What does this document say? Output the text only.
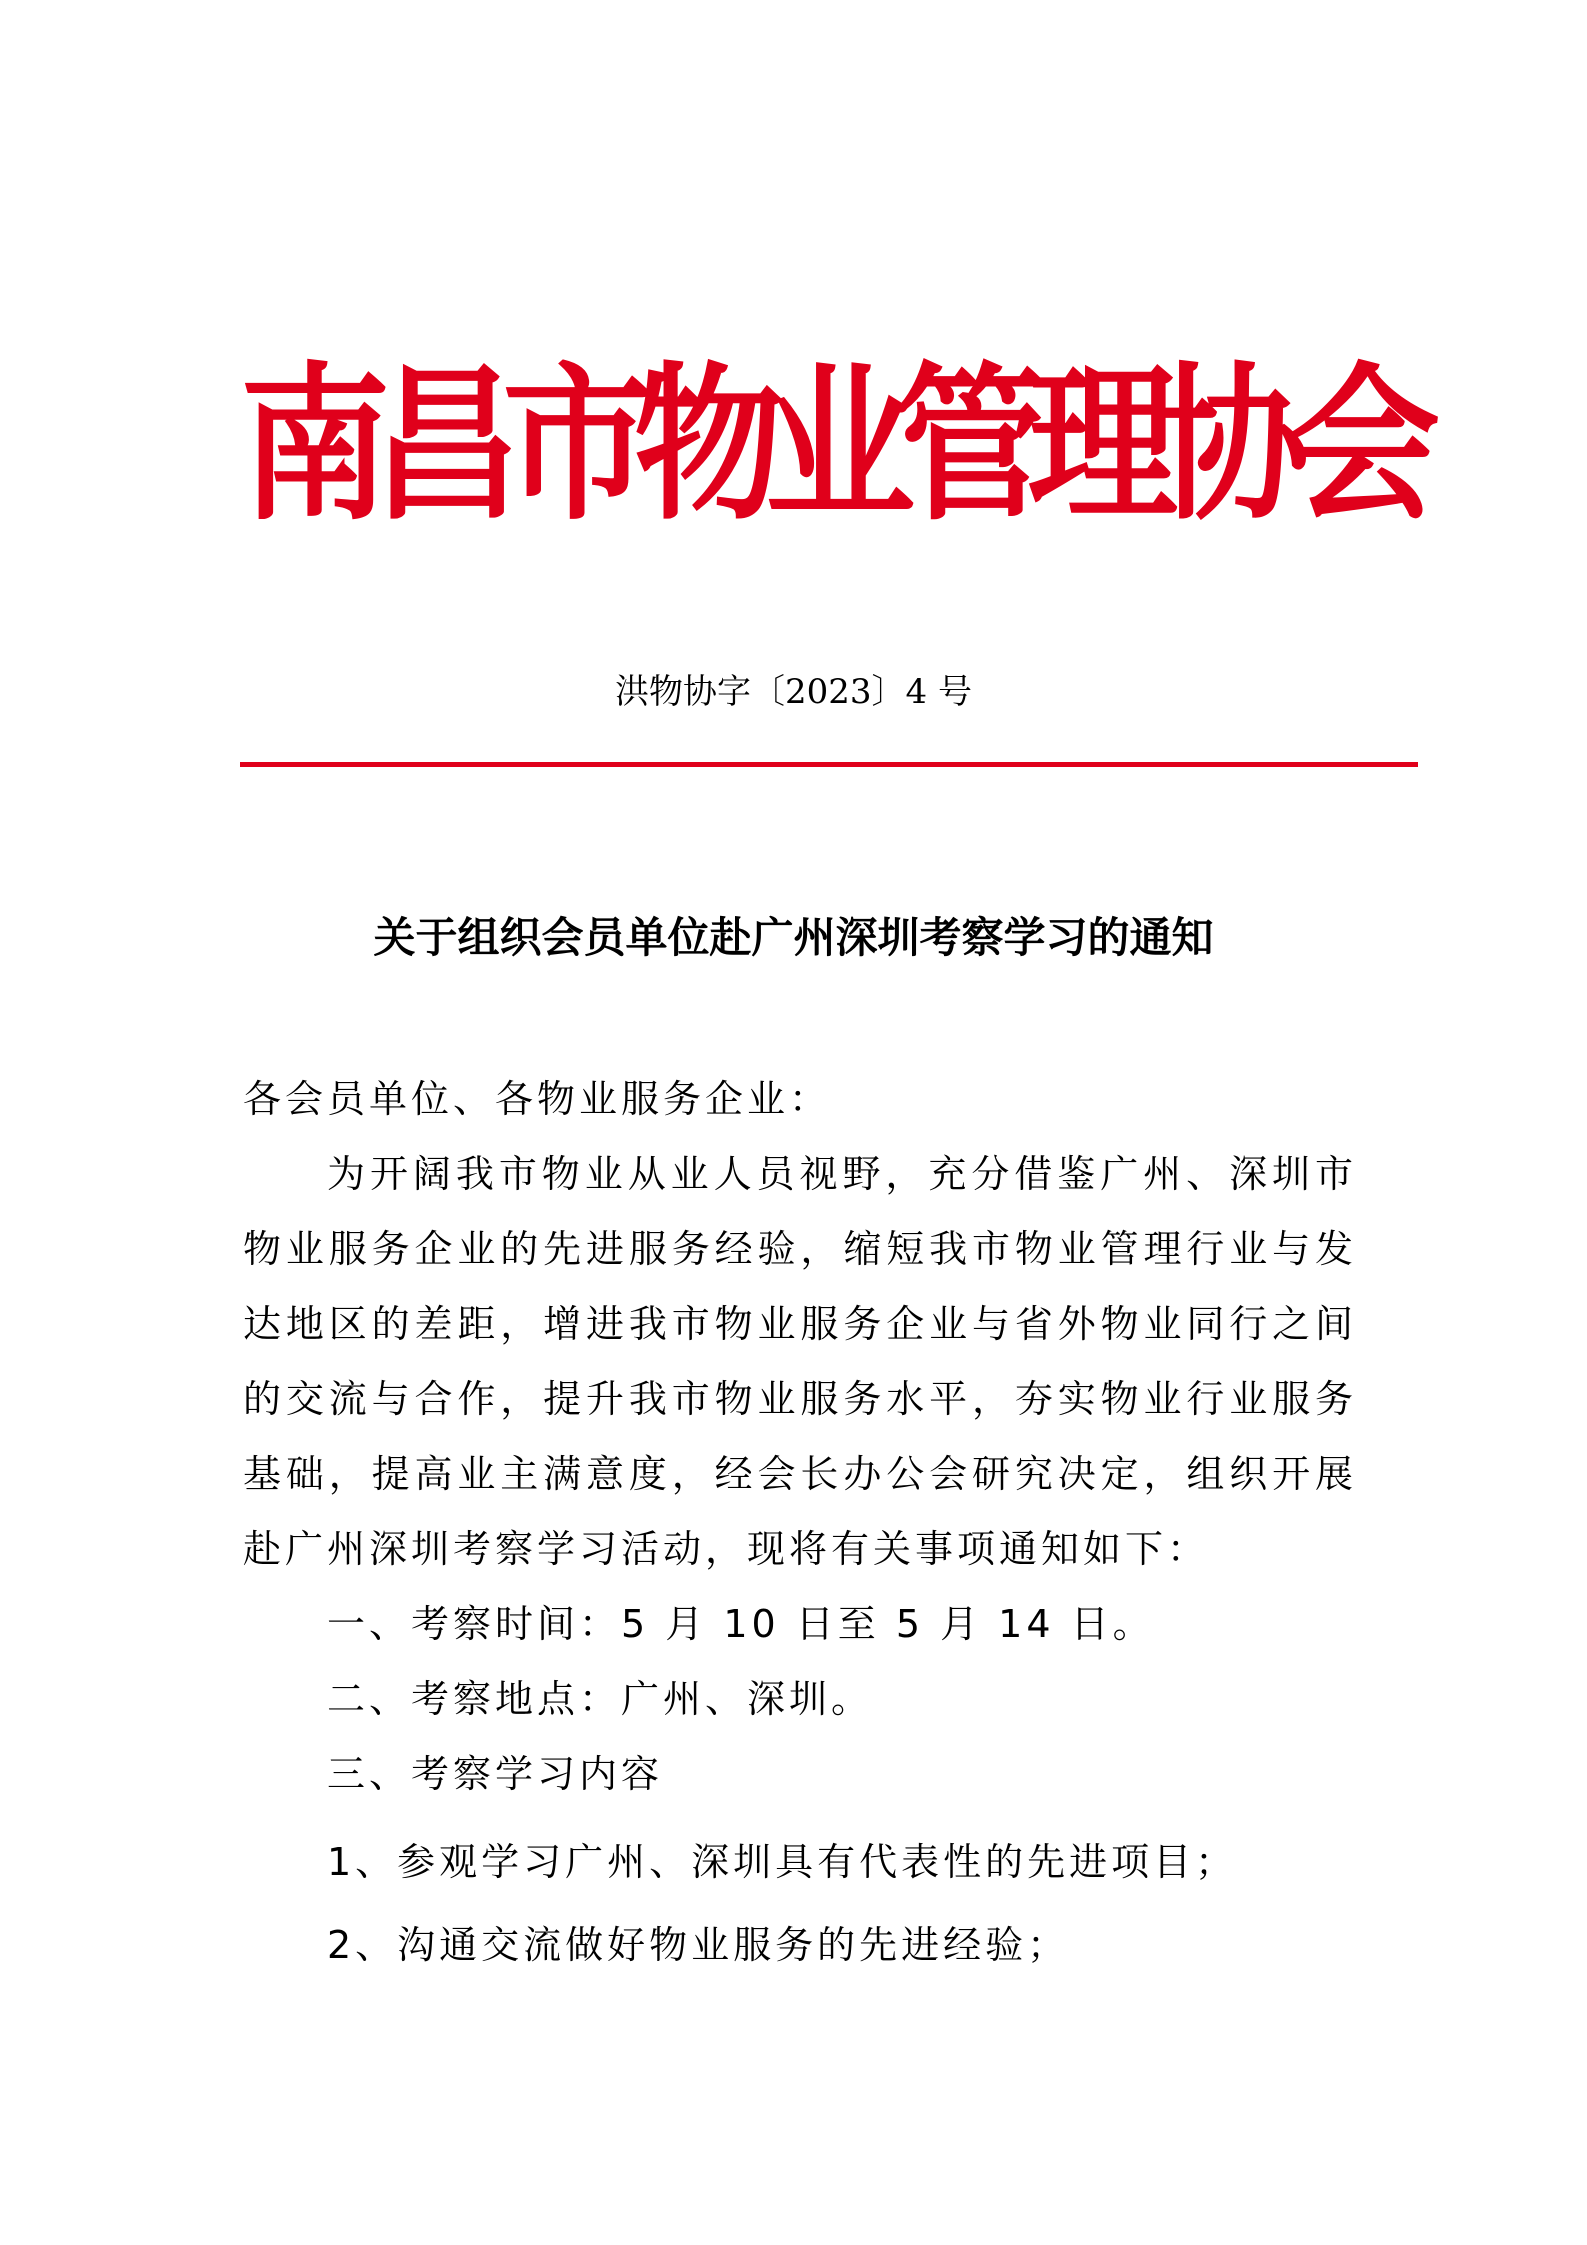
南
昌
市
物
业
管
理
协
会
洪物协字〔2023〕4 号
关于组织会员单位赴广州深圳考察学习的通知

各会员单位、各物业服务企业：

为开阔我市物业从业人员视野，充分借鉴广州、深圳市物业服务企业的先进服务经验，缩短我市物业管理行业与发达地区的差距，增进我市物业服务企业与省外物业同行之间的交流与合作，提升我市物业服务水平，夯实物业行业服务基础，提高业主满意度，经会长办公会研究决定，组织开展赴广州深圳考察学习活动，现将有关事项通知如下：

一、考察时间：5 月 10 日至 5 月 14 日。

二、考察地点：广州、深圳。

三、考察学习内容

1、参观学习广州、深圳具有代表性的先进项目；

2、沟通交流做好物业服务的先进经验；
